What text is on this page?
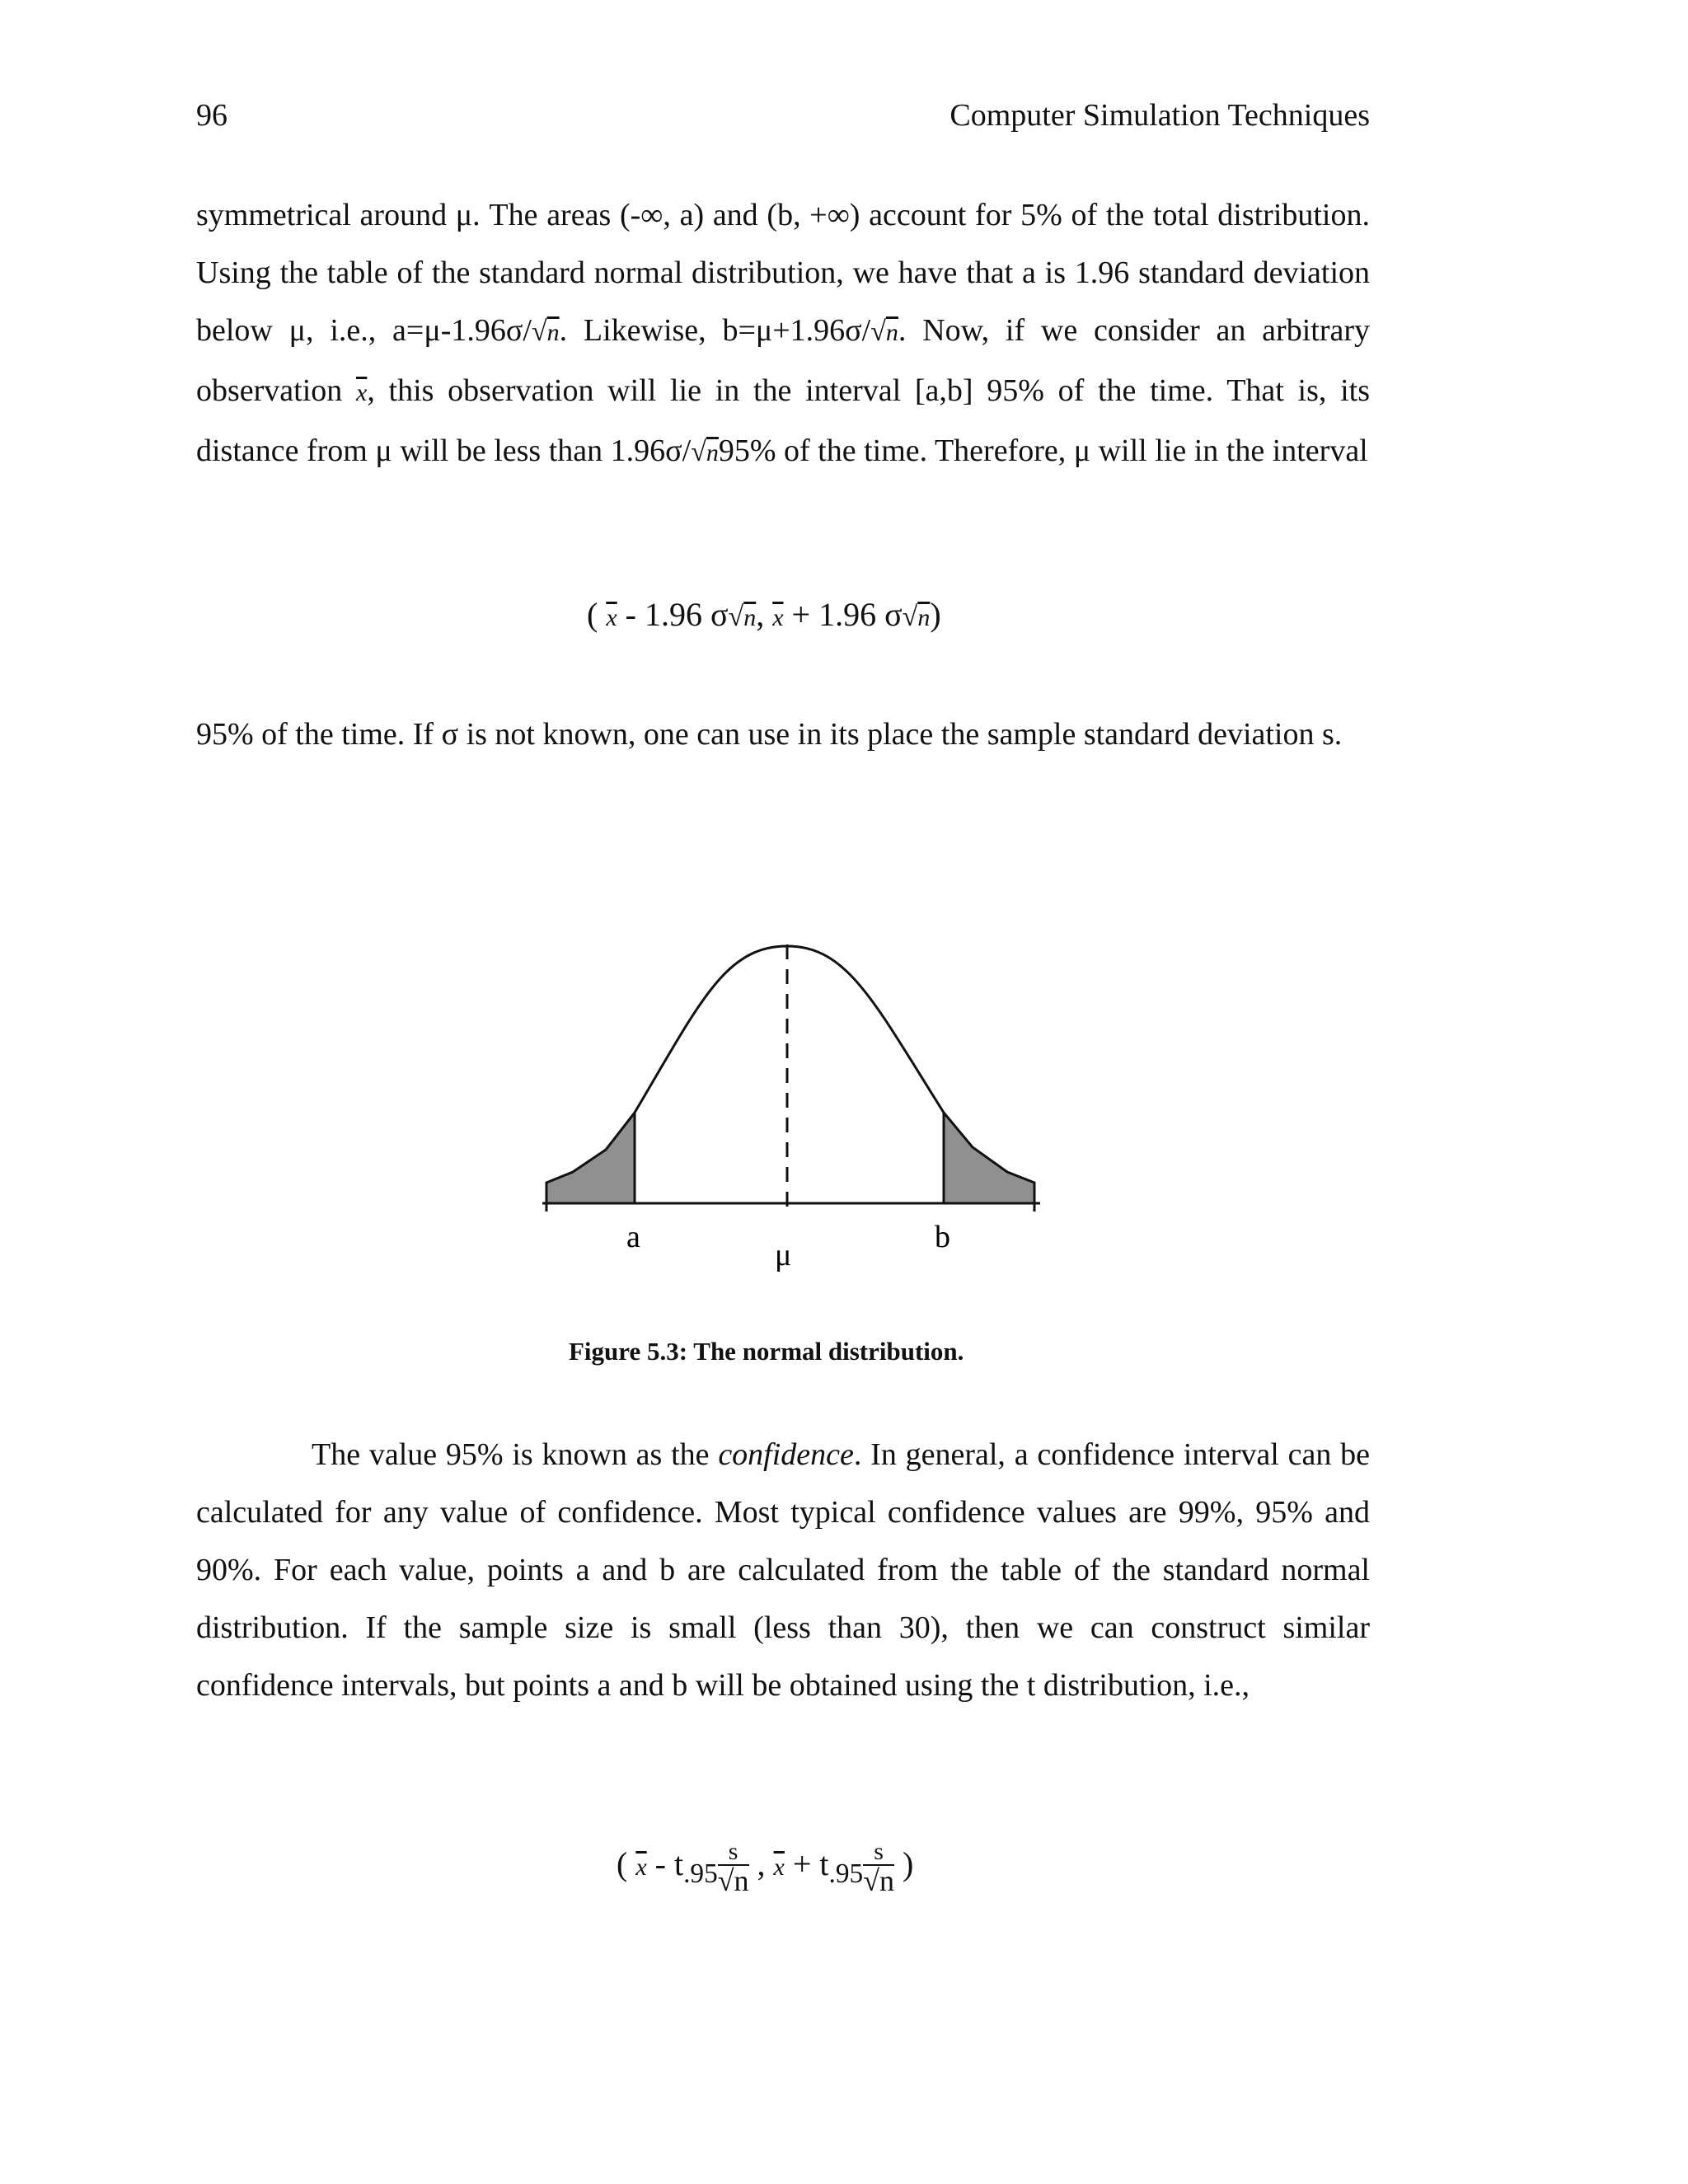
96	Computer Simulation Techniques

symmetrical around μ. The areas (-∞, a) and (b, +∞) account for 5% of the total distribution. Using the table of the standard normal distribution, we have that a is 1.96 standard deviation below μ, i.e., a=μ-1.96σ/√n. Likewise, b=μ+1.96σ/√n. Now, if we consider an arbitrary observation $\overline{x}$, this observation will lie in the interval [a,b] 95% of the time. That is, its distance from μ will be less than 1.96σ/√n95% of the time. Therefore, μ will lie in the interval

( $\overline{x} - 1.96$ σ√n, $\overline{x} + 1.96$ σ√n)

95% of the time. If σ is not known, one can use in its place the sample standard deviation s.

a
μ
b
Figure 5.3: The normal distribution.

The value 95% is known as the confidence. In general, a confidence interval can be calculated for any value of confidence. Most typical confidence values are 99%, 95% and 90%. For each value, points a and b are calculated from the table of the standard normal distribution. If the sample size is small (less than 30), then we can construct similar confidence intervals, but points a and b will be obtained using the t distribution, i.e.,

( $\overline{x} - t_{.95} \frac{s}{√n}$ , $\overline{x} + t_{.95} \frac{s}{√n}$ )
